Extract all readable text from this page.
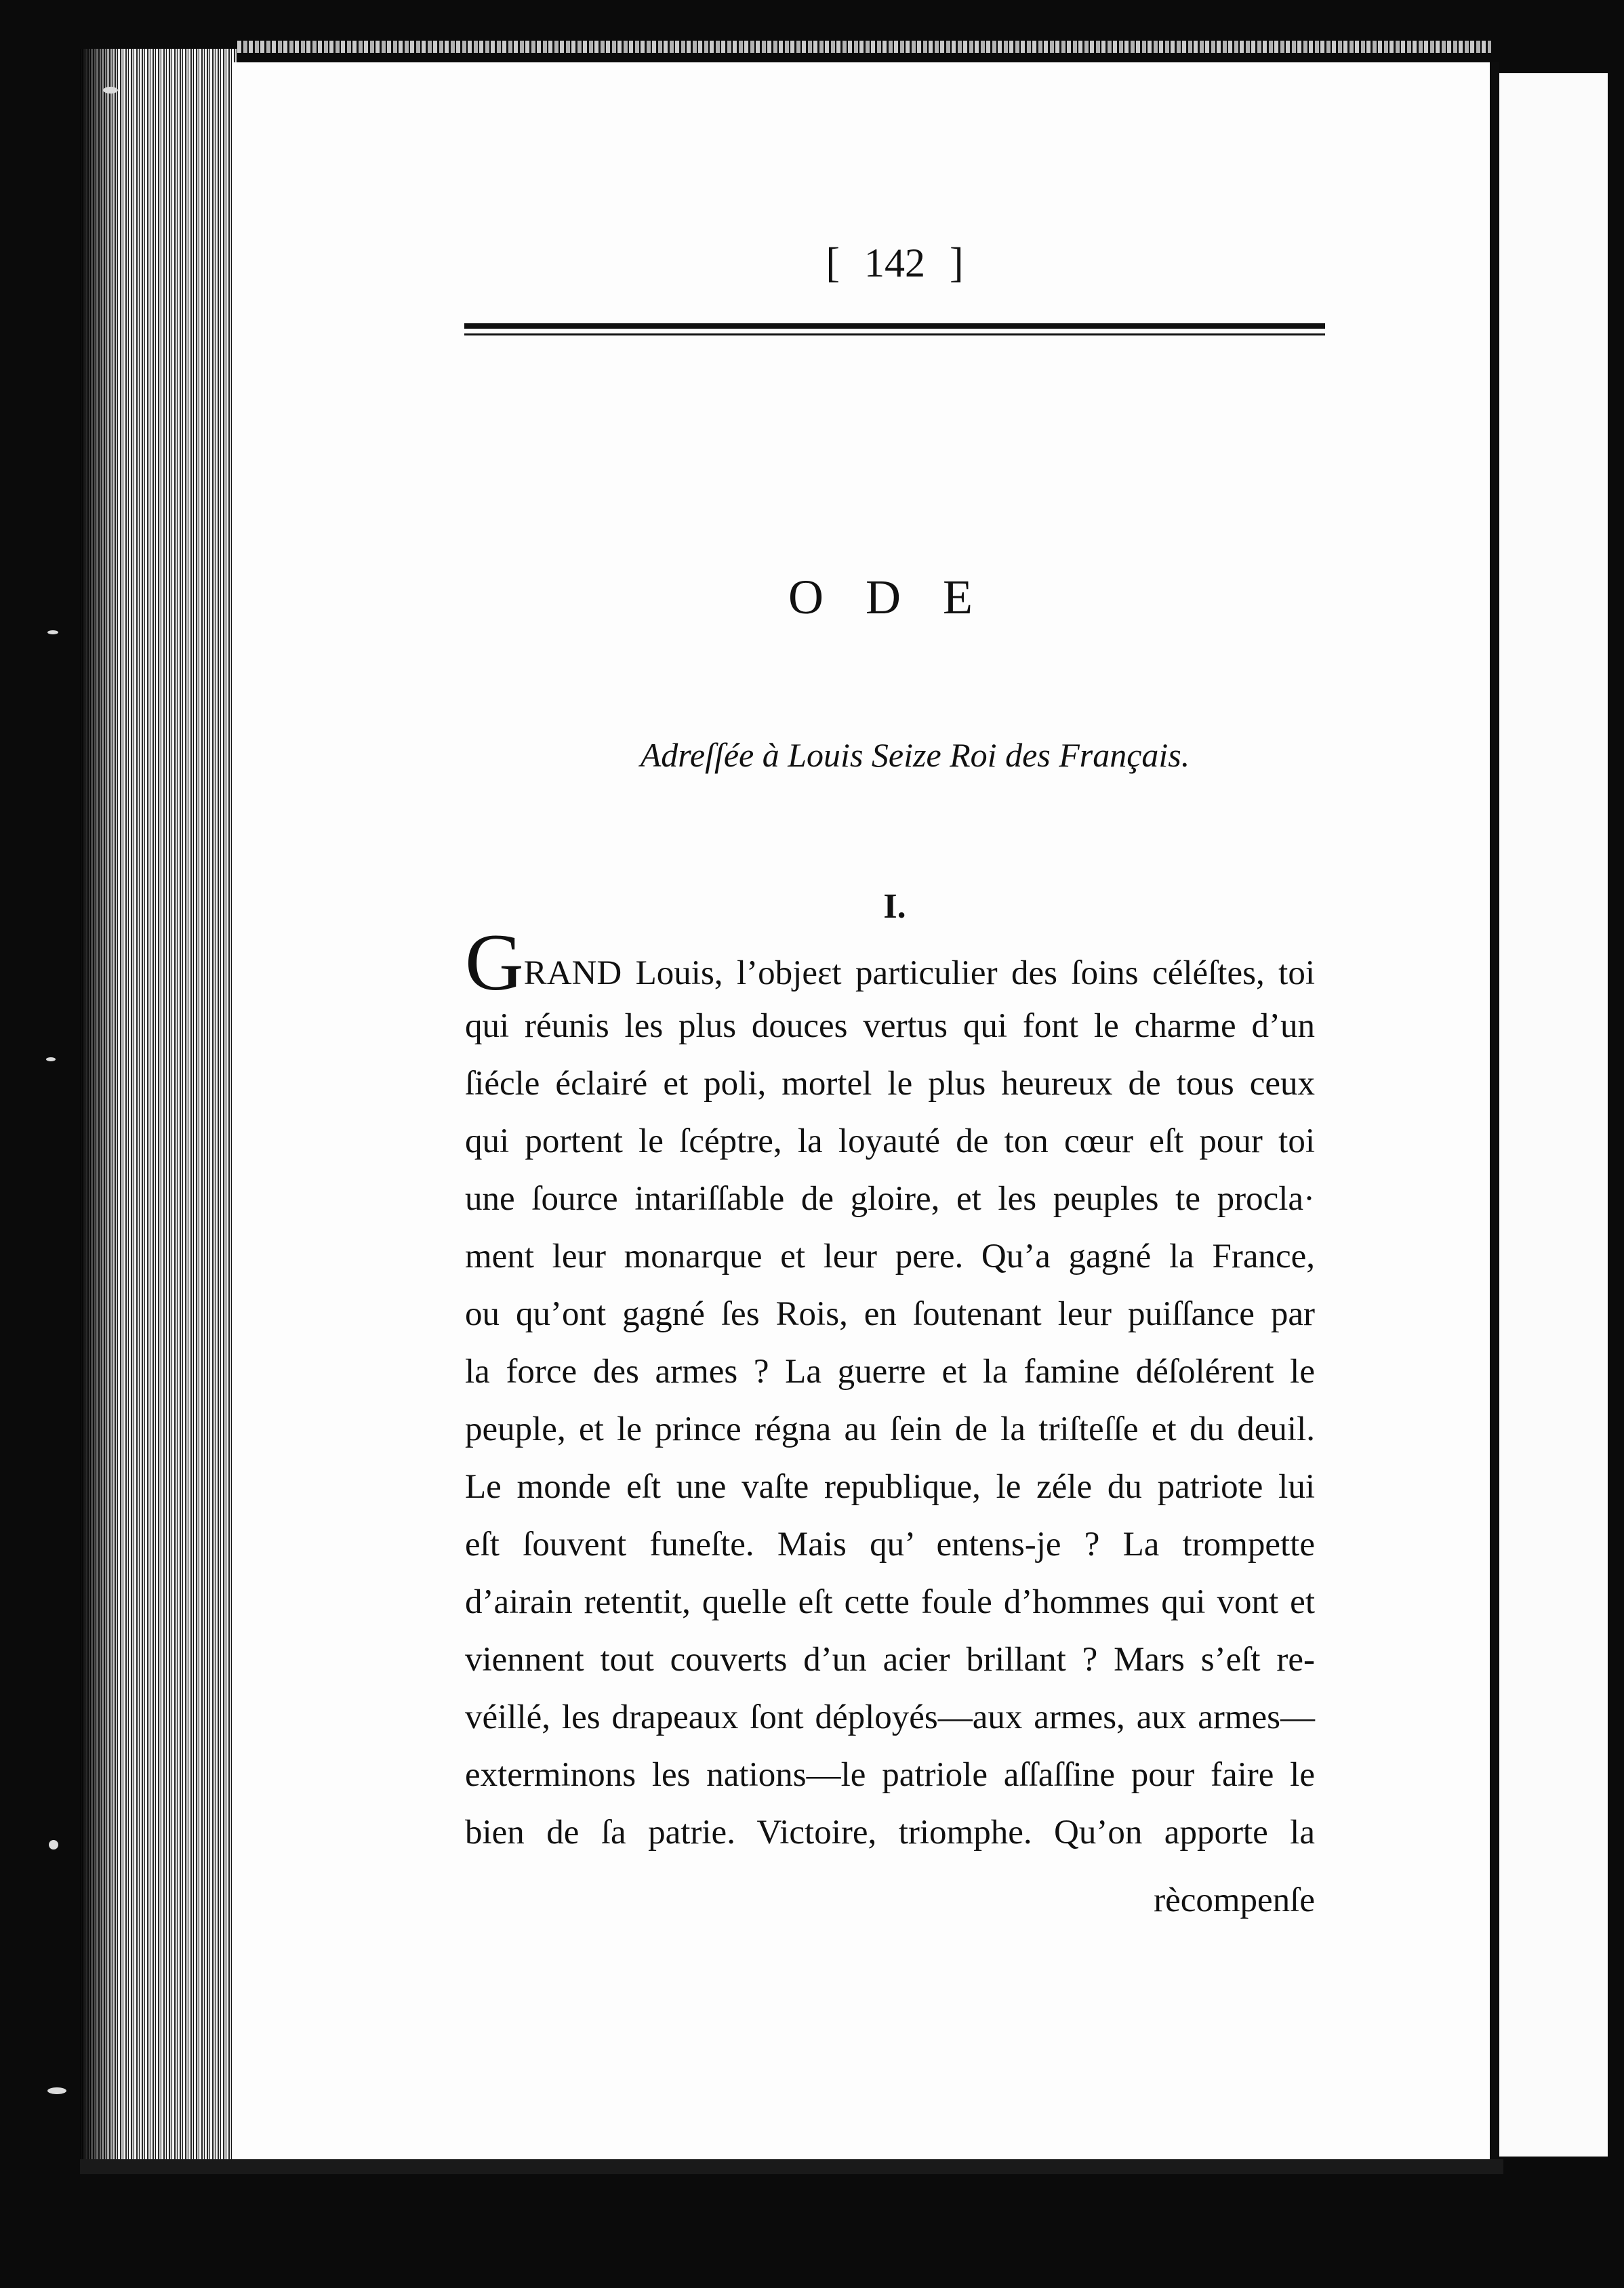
[ 142 ]
O D E
Adreſſée à Louis Seize Roi des Français.
I.
GRAND Louis, l’objeɛt particulier des ſoins céléſtes, toi
qui réunis les plus douces vertus qui font le charme d’un
ſiécle éclairé et poli, mortel le plus heureux de tous ceux
qui portent le ſcéptre, la loyauté de ton cœur eſt pour toi
une ſource intariſſable de gloire, et les peuples te procla·
ment leur monarque et leur pere. Qu’a gagné la France,
ou qu’ont gagné ſes Rois, en ſoutenant leur puiſſance par
la force des armes ? La guerre et la famine déſolérent le
peuple, et le prince régna au ſein de la triſteſſe et du deuil.
Le monde eſt une vaſte republique, le zéle du patriote lui
eſt ſouvent funeſte. Mais qu’ entens-je ? La trompette
d’airain retentit, quelle eſt cette foule d’hommes qui vont et
viennent tout couverts d’un acier brillant ? Mars s’eſt re-
véillé, les drapeaux ſont déployés—aux armes, aux armes—
exterminons les nations—le patriole aſſaſſine pour faire le
bien de ſa patrie. Victoire, triomphe. Qu’on apporte la
rècompenſe
